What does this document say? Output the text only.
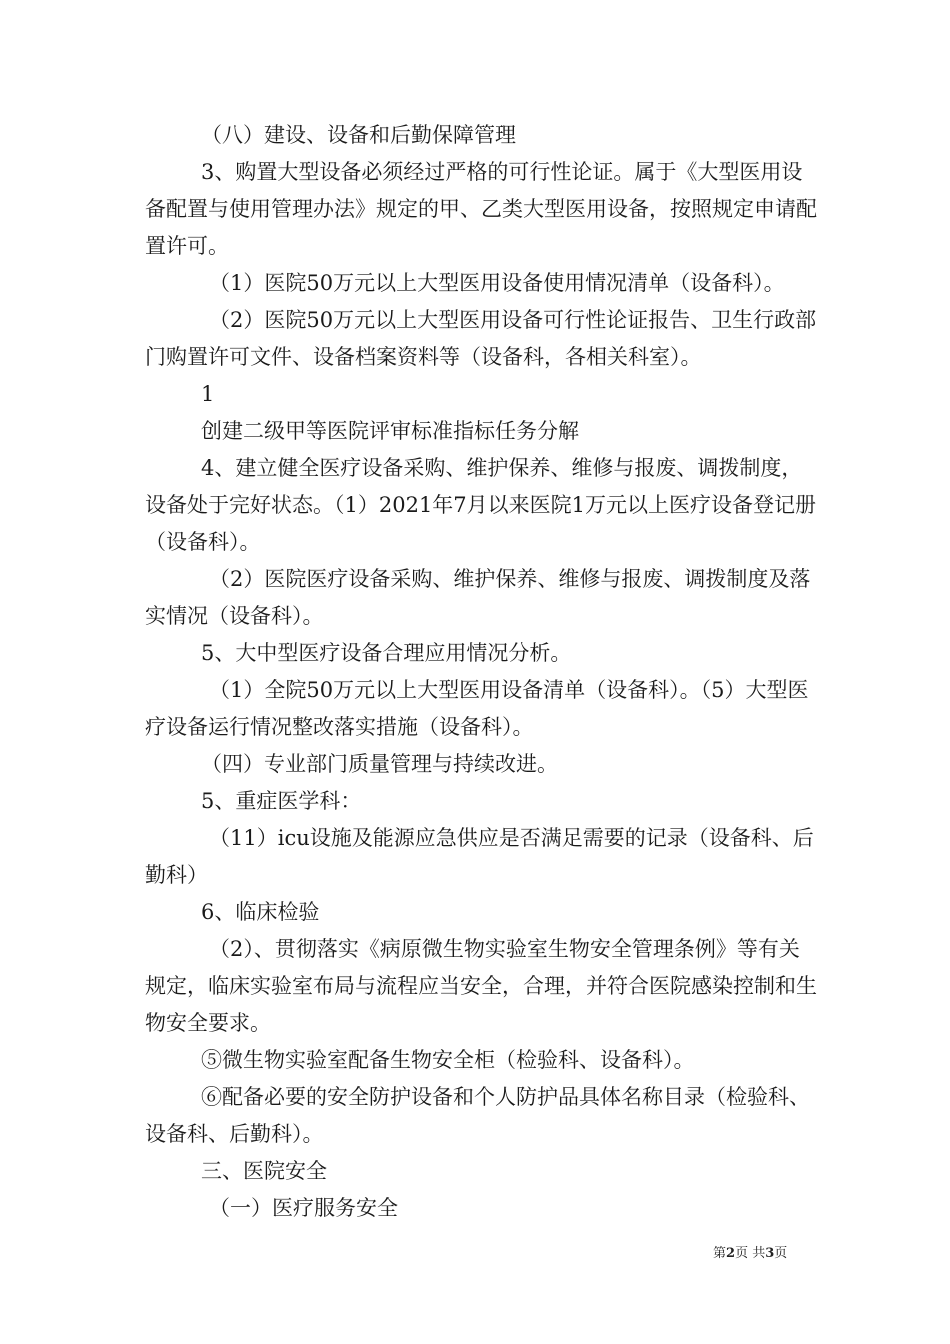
（八）建设、设备和后勤保障管理

3、购置大型设备必须经过严格的可行性论证。属于《大型医用设备配置与使用管理办法》规定的甲、乙类大型医用设备，按照规定申请配置许可。

（1）医院50万元以上大型医用设备使用情况清单（设备科）。

（2）医院50万元以上大型医用设备可行性论证报告、卫生行政部门购置许可文件、设备档案资料等（设备科，各相关科室）。

1

创建二级甲等医院评审标准指标任务分解

4、建立健全医疗设备采购、维护保养、维修与报废、调拨制度，设备处于完好状态。（1）2021年7月以来医院1万元以上医疗设备登记册（设备科）。

（2）医院医疗设备采购、维护保养、维修与报废、调拨制度及落实情况（设备科）。

5、大中型医疗设备合理应用情况分析。

（1）全院50万元以上大型医用设备清单（设备科）。（5）大型医疗设备运行情况整改落实措施（设备科）。

（四）专业部门质量管理与持续改进。

5、重症医学科：

（11）icu设施及能源应急供应是否满足需要的记录（设备科、后勤科）

6、临床检验

（2）、贯彻落实《病原微生物实验室生物安全管理条例》等有关规定，临床实验室布局与流程应当安全，合理，并符合医院感染控制和生物安全要求。

⑤微生物实验室配备生物安全柜（检验科、设备科）。

⑥配备必要的安全防护设备和个人防护品具体名称目录（检验科、设备科、后勤科）。

三、医院安全

（一）医疗服务安全

第2页 共3页
